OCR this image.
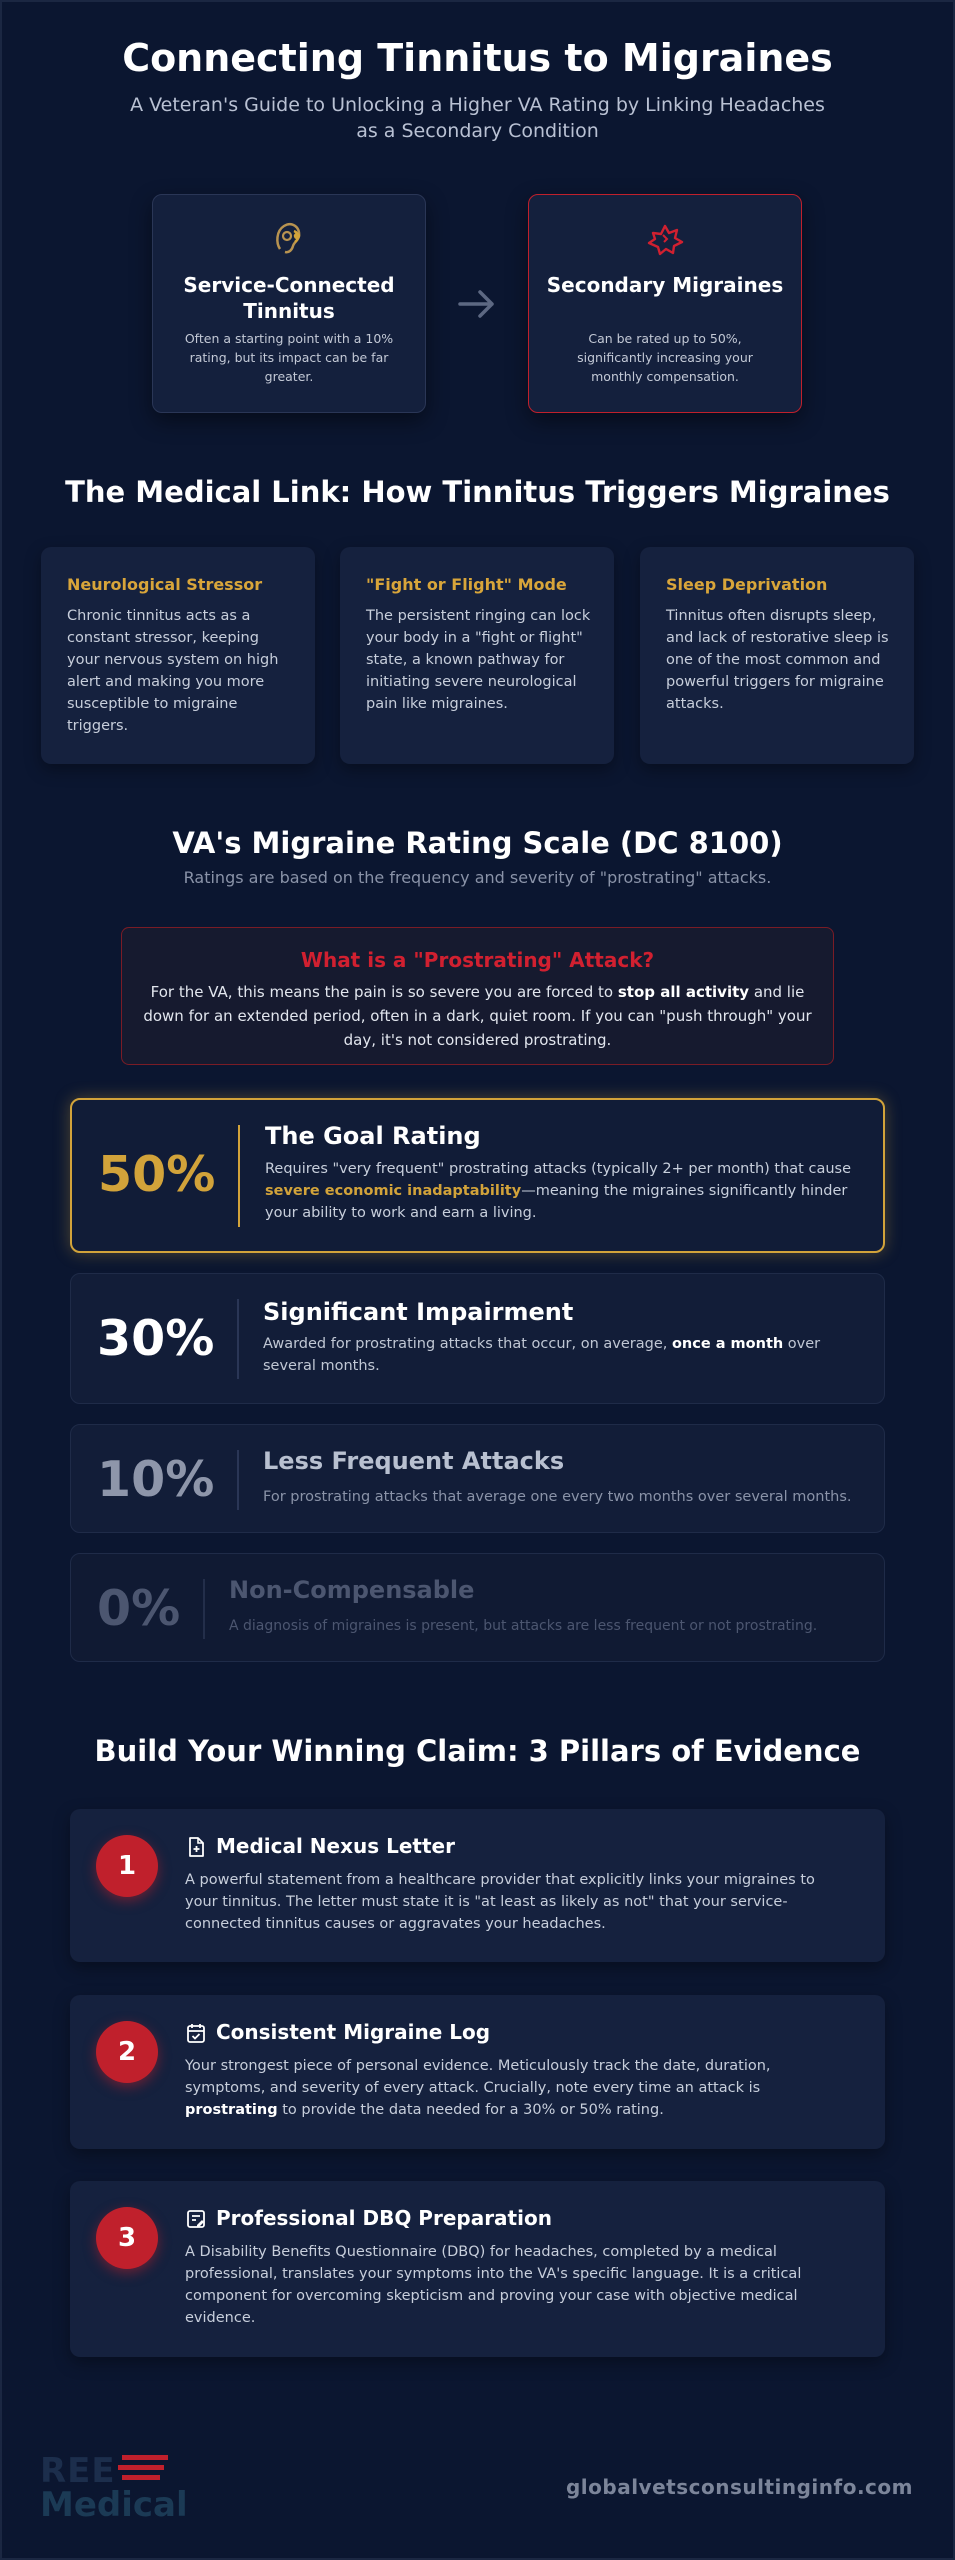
Connecting Tinnitus to Migraines

A Veteran's Guide to Unlocking a Higher VA Rating by Linking Headaches as a Secondary Condition

Service-Connected Tinnitus
Often a starting point with a 10% rating, but its impact can be far greater.
Secondary Migraines
Can be rated up to 50%, significantly increasing your monthly compensation.
The Medical Link: How Tinnitus Triggers Migraines
Neurological Stressor
Chronic tinnitus acts as a constant stressor, keeping your nervous system on high alert and making you more susceptible to migraine triggers.
"Fight or Flight" Mode
The persistent ringing can lock your body in a "fight or flight" state, a known pathway for initiating severe neurological pain like migraines.
Sleep Deprivation
Tinnitus often disrupts sleep, and lack of restorative sleep is one of the most common and powerful triggers for migraine attacks.
VA's Migraine Rating Scale (DC 8100)

Ratings are based on the frequency and severity of "prostrating" attacks.

What is a "Prostrating" Attack?
For the VA, this means the pain is so severe you are forced to stop all activity and lie down for an extended period, often in a dark, quiet room. If you can "push through" your day, it's not considered prostrating.
50%
The Goal Rating
Requires "very frequent" prostrating attacks (typically 2+ per month) that cause severe economic inadaptability—meaning the migraines significantly hinder your ability to work and earn a living.
30% Significant Impairment
Awarded for prostrating attacks that occur, on average, once a month over several months.
10% Less Frequent Attacks
For prostrating attacks that average one every two months over several months.
0% Non-Compensable
A diagnosis of migraines is present, but attacks are less frequent or not prostrating.
Build Your Winning Claim: 3 Pillars of Evidence
1
Medical Nexus Letter
A powerful statement from a healthcare provider that explicitly links your migraines to your tinnitus. The letter must state it is "at least as likely as not" that your service-connected tinnitus causes or aggravates your headaches.
2
Consistent Migraine Log
Your strongest piece of personal evidence. Meticulously track the date, duration, symptoms, and severity of every attack. Crucially, note every time an attack is prostrating to provide the data needed for a 30% or 50% rating.
3
Professional DBQ Preparation
A Disability Benefits Questionnaire (DBQ) for headaches, completed by a medical professional, translates your symptoms into the VA's specific language. It is a critical component for overcoming skepticism and proving your case with objective medical evidence.
REE
Medical	globalvetsconsultinginfo.com
